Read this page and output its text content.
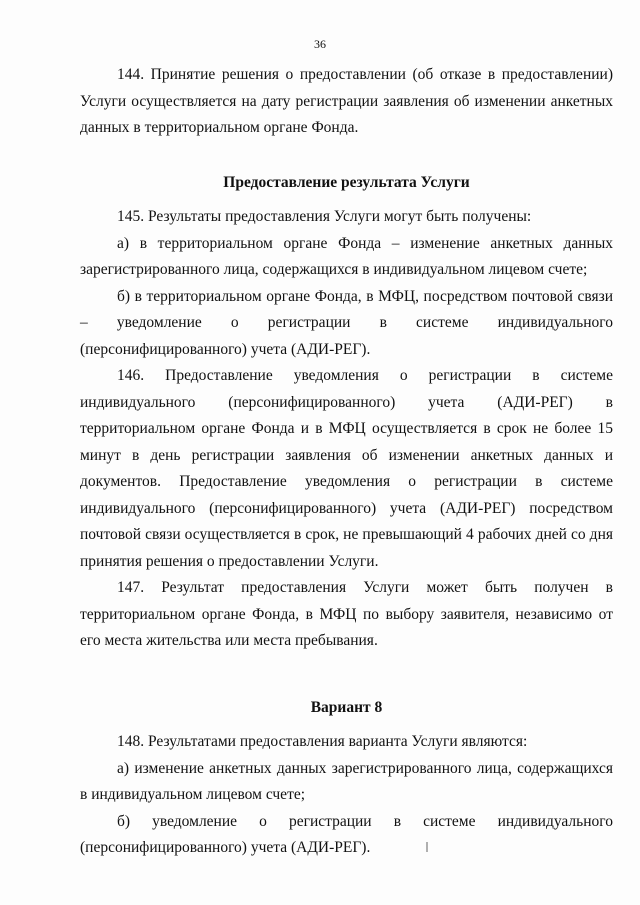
36

144. Принятие решения о предоставлении (об отказе в предоставлении) Услуги осуществляется на дату регистрации заявления об изменении анкетных данных в территориальном органе Фонда.

Предоставление результата Услуги

145. Результаты предоставления Услуги могут быть получены:

а) в территориальном органе Фонда – изменение анкетных данных зарегистрированного лица, содержащихся в индивидуальном лицевом счете;

б) в территориальном органе Фонда, в МФЦ, посредством почтовой связи – уведомление о регистрации в системе индивидуального (персонифицированного) учета (АДИ-РЕГ).

146. Предоставление уведомления о регистрации в системе индивидуального (персонифицированного) учета (АДИ-РЕГ) в территориальном органе Фонда и в МФЦ осуществляется в срок не более 15 минут в день регистрации заявления об изменении анкетных данных и документов. Предоставление уведомления о регистрации в системе индивидуального (персонифицированного) учета (АДИ-РЕГ) посредством почтовой связи осуществляется в срок, не превышающий 4 рабочих дней со дня принятия решения о предоставлении Услуги.

147. Результат предоставления Услуги может быть получен в территориальном органе Фонда, в МФЦ по выбору заявителя, независимо от его места жительства или места пребывания.

Вариант 8

148. Результатами предоставления варианта Услуги являются:

а) изменение анкетных данных зарегистрированного лица, содержащихся в индивидуальном лицевом счете;

б) уведомление о регистрации в системе индивидуального (персонифицированного) учета (АДИ-РЕГ).
